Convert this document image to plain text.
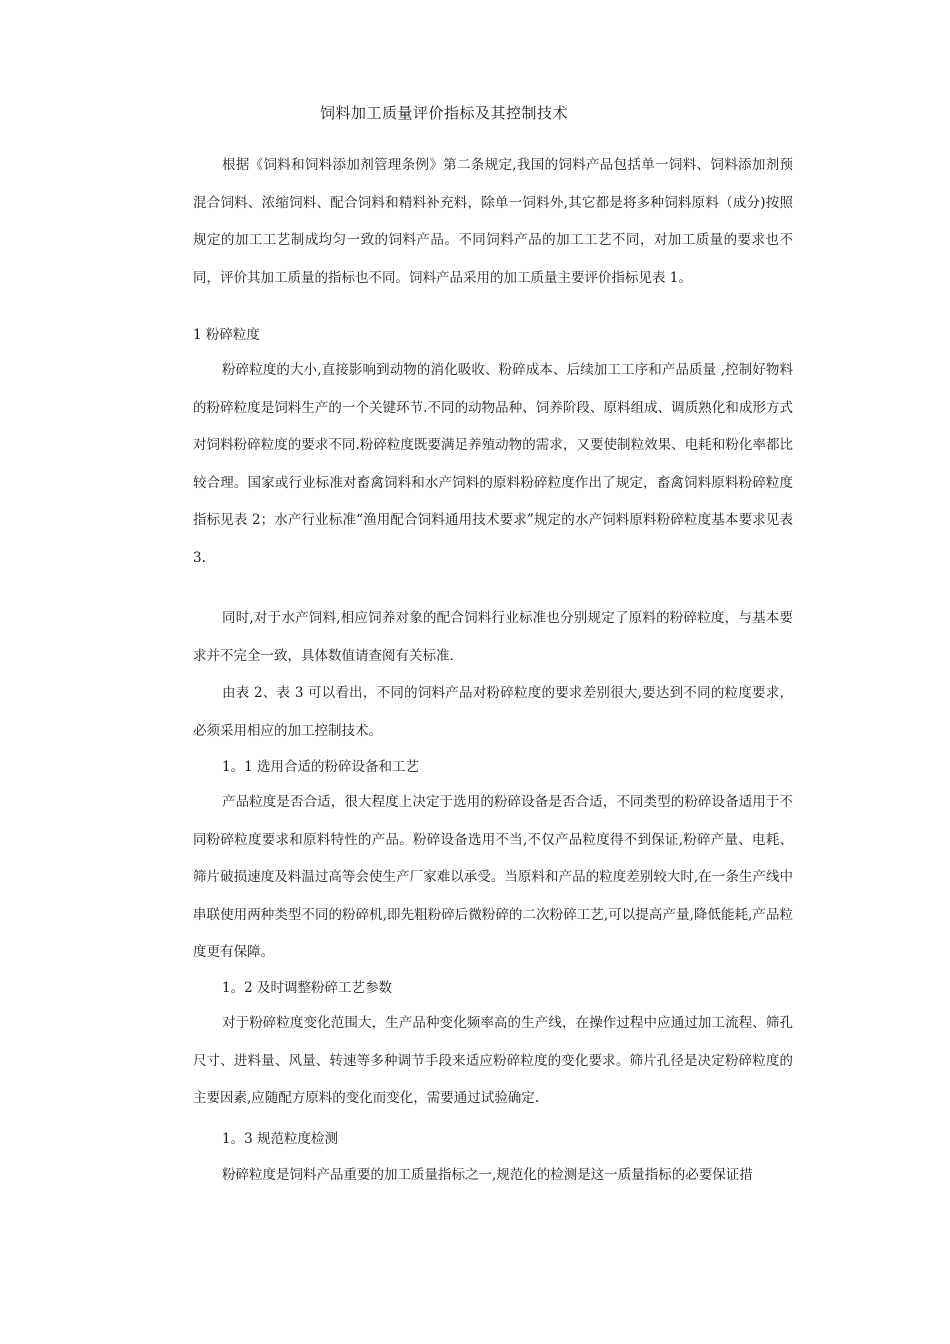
饲料加工质量评价指标及其控制技术
根据《饲料和饲料添加剂管理条例》第二条规定,我国的饲料产品包括单一饲料、饲料添加剂预混合饲料、浓缩饲料、配合饲料和精料补充料，除单一饲料外,其它都是将多种饲料原料（成分)按照规定的加工工艺制成均匀一致的饲料产品。不同饲料产品的加工工艺不同，对加工质量的要求也不同，评价其加工质量的指标也不同。饲料产品采用的加工质量主要评价指标见表 1。
1 粉碎粒度
粉碎粒度的大小,直接影响到动物的消化吸收、粉碎成本、后续加工工序和产品质量 ,控制好物料的粉碎粒度是饲料生产的一个关键环节.不同的动物品种、饲养阶段、原料组成、调质熟化和成形方式对饲料粉碎粒度的要求不同.粉碎粒度既要满足养殖动物的需求，又要使制粒效果、电耗和粉化率都比较合理。国家或行业标准对畜禽饲料和水产饲料的原料粉碎粒度作出了规定，畜禽饲料原料粉碎粒度指标见表 2；水产行业标准“渔用配合饲料通用技术要求”规定的水产饲料原料粉碎粒度基本要求见表 3.
同时,对于水产饲料,相应饲养对象的配合饲料行业标准也分别规定了原料的粉碎粒度，与基本要求并不完全一致，具体数值请查阅有关标准.
由表 2、表 3 可以看出，不同的饲料产品对粉碎粒度的要求差别很大,要达到不同的粒度要求，必须采用相应的加工控制技术。
1。1 选用合适的粉碎设备和工艺
产品粒度是否合适，很大程度上决定于选用的粉碎设备是否合适，不同类型的粉碎设备适用于不同粉碎粒度要求和原料特性的产品。粉碎设备选用不当,不仅产品粒度得不到保证,粉碎产量、电耗、筛片破损速度及料温过高等会使生产厂家难以承受。当原料和产品的粒度差别较大时,在一条生产线中串联使用两种类型不同的粉碎机,即先粗粉碎后微粉碎的二次粉碎工艺,可以提高产量,降低能耗,产品粒度更有保障。
1。2 及时调整粉碎工艺参数
对于粉碎粒度变化范围大，生产品种变化频率高的生产线，在操作过程中应通过加工流程、筛孔尺寸、进料量、风量、转速等多种调节手段来适应粉碎粒度的变化要求。筛片孔径是决定粉碎粒度的主要因素,应随配方原料的变化而变化，需要通过试验确定.
1。3 规范粒度检测
粉碎粒度是饲料产品重要的加工质量指标之一,规范化的检测是这一质量指标的必要保证措
